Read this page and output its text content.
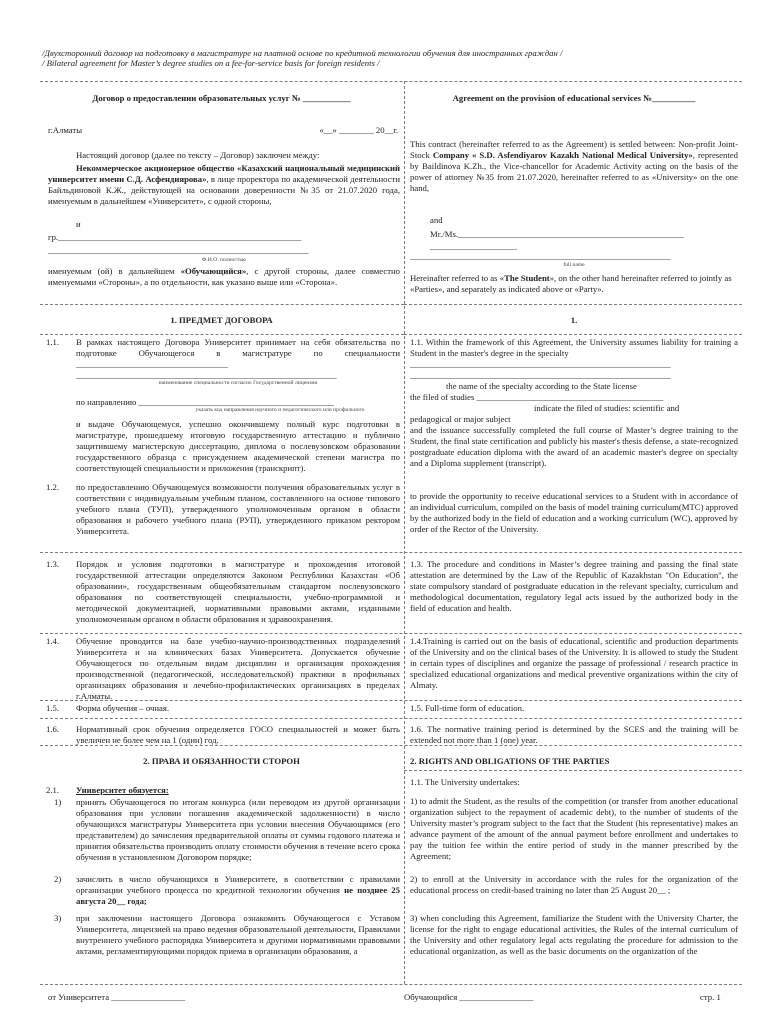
/Двухсторонний договор на подготовку в магистратуре на платной основе по кредитной технологии обучения для иностранных граждан /
/ Bilateral agreement for Master’s degree studies on a fee-for-service basis for foreign residents /
Договор о предоставлении образовательных услуг № ___________
г.Алматы	«__» ________ 20__г.
Настоящий договор (далее по тексту – Договор) заключен между:
Некоммерческое акционерное общество «Казахский национальный медицинский университет имени С.Д. Асфендиярова», в лице проректора по академической деятельности Байльдиновой К.Ж., действующей на основании доверенности №35 от 21.07.2020 года, именуемым в дальнейшем «Университет», с одной стороны,
и
гр.________________________________________________________
____________________________________________________________
Ф.И.О. полностью
именуемым (ой) в дальнейшем «Обучающийся», с другой стороны, далее совместно именуемыми «Стороны», а по отдельности, как указано выше или «Сторона».
1. ПРЕДМЕТ ДОГОВОРА
1.1. В рамках настоящего Договора Университет принимает на себя обязательства по подготовке Обучающегося в магистратуре по специальности ___________________________________
____________________________________________________________
наименование специальности согласно Государственной лицензии
по направлению _____________________________________________
указать код направления научного и педагогического или профильного
и выдаче Обучающемуся, успешно окончившему полный курс подготовки в магистратуре, прошедшему итоговую государственную аттестацию и публично защитившему магистерскую диссертацию, диплома о послевузовском образовании государственного образца с присуждением академической степени магистра по соответствующей специальности и приложения (транскрипт).
1.2. по предоставлению Обучающемуся возможности получения образовательных услуг в соответствии с индивидуальным учебным планом, составленного на основе типового учебного плана (ТУП), утвержденного уполномоченным органом в области образования и рабочего учебного плана (РУП), утвержденного приказом ректором Университета.
1.3. Порядок и условия подготовки в магистратуре и прохождения итоговой государственной аттестации определяются Законом Республики Казахстан «Об образовании», государственным общеобязательным стандартом послевузовского образования по соответствующей специальности, учебно-программной и методической документацией, нормативными правовыми актами, изданными уполномоченным органом в области образования и здравоохранения.
1.4. Обучение проводится на базе учебно-научно-производственных подразделений Университета и на клинических базах Университета. Допускается обучение Обучающегося по отдельным видам дисциплин и организация прохождения производственной (педагогической, исследовательской) практики в профильных организациях образования и лечебно-профилактических организациях в пределах г.Алматы.
1.5. Форма обучения – очная.
1.6. Нормативный срок обучения определяется ГОСО специальностей и может быть увеличен не более чем на 1 (один) год.
2. ПРАВА И ОБЯЗАННОСТИ СТОРОН
2.1. Университет обязуется:
1) принять Обучающегося по итогам конкурса (или переводом из другой организации образования при условии погашения академической задолженности) в число обучающихся магистратуры Университета при условии внесения Обучающимся (его представителем) до зачисления предварительной оплаты от суммы годового платежа и принятия обязательства производить оплату стоимости обучения в течение всего срока обучения в установленном Договором порядке;
2) зачислить в число обучающихся в Университете, в соответствии с правилами организации учебного процесса по кредитной технологии обучения не позднее 25 августа 20__ года;
3) при заключении настоящего Договора ознакомить Обучающегося с Уставом Университета, лицензией на право ведения образовательной деятельности, Правилами внутреннего учебного распорядка Университета и другими нормативными правовыми актами, регламентирующими порядок приема в организации образования, а
Agreement on the provision of educational services №__________
This contract (hereinafter referred to as the Agreement) is settled between: Non-profit Joint-Stock Company « S.D. Asfendiyarov Kazakh National Medical University», represented by Baildinova K.Zh., the Vice-chancellor for Academic Activity acting on the basis of the power of attorney №35 from 21.07.2020, hereinafter referred to as «University» on the one hand,
and
Mr./Ms.____________________________________________________
____________________
____________________________________________________________
full name
Hereinafter referred to as «The Student», on the other hand hereinafter referred to jointly as «Parties», and separately as indicated above or «Party».
1.
1.1. Within the framework of this Agreement, the University assumes liability for training a Student in the master's degree in the specialty
____________________________________________________________
____________________________________________________________
the name of the specialty according to the State license
the filed of studies ___________________________________________
indicate the filed of studies: scientific and
pedagogical or major subject
and the issuance successfully completed the full course of Master’s degree training to the Student, the final state certification and publicly his master's thesis defense, a state-recognized postgraduate education diploma with the award of an academic master's degree on specialty and a Diploma supplement (transcript).
to provide the opportunity to receive educational services to a Student with in accordance of an individual curriculum, compiled on the basis of model training curriculum(MTC) approved by the authorized body in the field of education and a working curriculum (WC), approved by order of the Rector of the University.
1.3. The procedure and conditions in Master’s degree training and passing the final state attestation are determined by the Law of the Republic of Kazakhstan "On Education", the state compulsory standard of postgraduate education in the relevant specialty, curriculum and methodological documentation, regulatory legal acts issued by the authorized body in the field of education and health.
1.4.Training is carried out on the basis of educational, scientific and production departments of the University and on the clinical bases of the University. It is allowed to study the Student in certain types of disciplines and organize the passage of professional / research practice in specialized educational organizations and medical preventive organizations within the city of Almaty.
1.5. Full-time form of education.
1.6. The normative training period is determined by the SCES and the training will be extended not more than 1 (one) year.
2. RIGHTS AND OBLIGATIONS OF THE PARTIES
1.1. The University undertakes:
1) to admit the Student, as the results of the competition (or transfer from another educational organization subject to the repayment of academic debt), to the number of students of the University master’s program subject to the fact that the Student (his representative) makes an advance payment of the amount of the annual payment before enrollment and undertakes to pay the tuition fee within the entire period of study in the manner prescribed by the Agreement;
2) to enroll at the University in accordance with the rules for the organization of the educational process on credit-based training no later than 25 August 20__ ;
3) when concluding this Agreement, familiarize the Student with the University Charter, the license for the right to engage educational activities, the Rules of the internal curriculum of the University and other regulatory legal acts regulating the procedure for admission to the educational organization, as well as the basic documents on the organization of the
от Университета _________________	Обучающийся _________________	стр. 1
